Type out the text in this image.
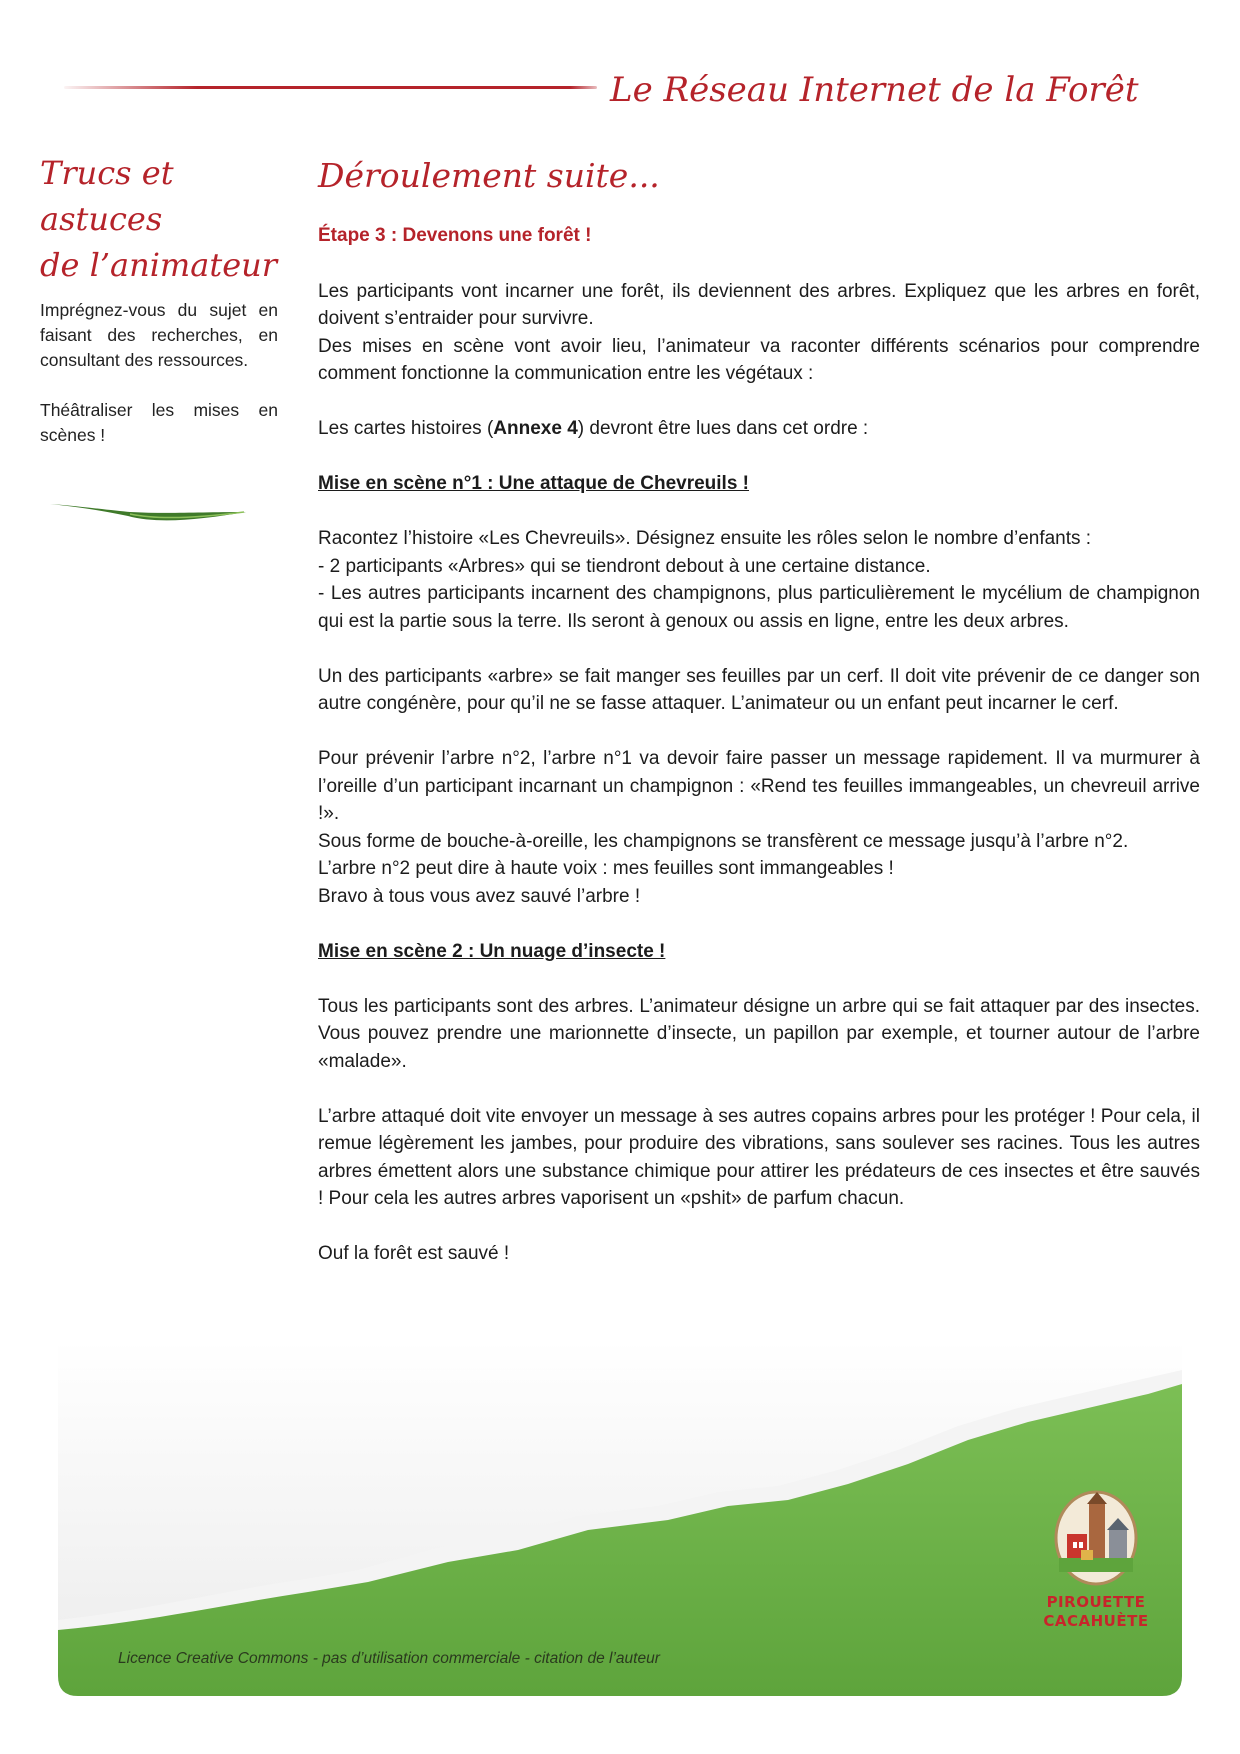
Le Réseau Internet de la Forêt
Trucs et astuces
de l’animateur

Imprégnez-vous du sujet en faisant des recherches, en consultant des ressources.

Théâtraliser les mises en scènes !

Déroulement suite...
Étape 3 : Devenons une forêt !

Les participants vont incarner une forêt, ils deviennent des arbres. Expliquez que les arbres en forêt, doivent s’entraider pour survivre.
Des mises en scène vont avoir lieu, l’animateur va raconter différents scénarios pour comprendre comment fonctionne la communication entre les végétaux :

Les cartes histoires (Annexe 4) devront être lues dans cet ordre :

Mise en scène n°1 : Une attaque de Chevreuils !

Racontez l’histoire «Les Chevreuils». Désignez ensuite les rôles selon le nombre d’enfants :
- 2 participants «Arbres» qui se tiendront debout à une certaine distance.
- Les autres participants incarnent des champignons, plus particulièrement le mycélium de champignon qui est la partie sous la terre. Ils seront à genoux ou assis en ligne, entre les deux arbres.

Un des participants «arbre» se fait manger ses feuilles par un cerf. Il doit vite prévenir de ce danger son autre congénère, pour qu’il ne se fasse attaquer. L’animateur ou un enfant peut incarner le cerf.

Pour prévenir l’arbre n°2, l’arbre n°1 va devoir faire passer un message rapidement. Il va murmurer à l’oreille d’un participant incarnant un champignon : «Rend tes feuilles immangeables, un chevreuil arrive !».
Sous forme de bouche-à-oreille, les champignons se transfèrent ce message jusqu’à l’arbre n°2.
L’arbre n°2 peut dire à haute voix : mes feuilles sont immangeables !
Bravo à tous vous avez sauvé l’arbre !

Mise en scène 2 : Un nuage d’insecte !

Tous les participants sont des arbres. L’animateur désigne un arbre qui se fait attaquer par des insectes. Vous pouvez prendre une marionnette d’insecte, un papillon par exemple, et tourner autour de l’arbre «malade».

L’arbre attaqué doit vite envoyer un message à ses autres copains arbres pour les protéger ! Pour cela, il remue légèrement les jambes, pour produire des vibrations, sans soulever ses racines. Tous les autres arbres émettent alors une substance chimique pour attirer les prédateurs de ces insectes et être sauvés ! Pour cela les autres arbres vaporisent un «pshit» de parfum chacun.

Ouf la forêt est sauvé !

Licence Creative Commons - pas d’utilisation commerciale - citation de l’auteur
PIROUETTE
CACAHUÈTE
